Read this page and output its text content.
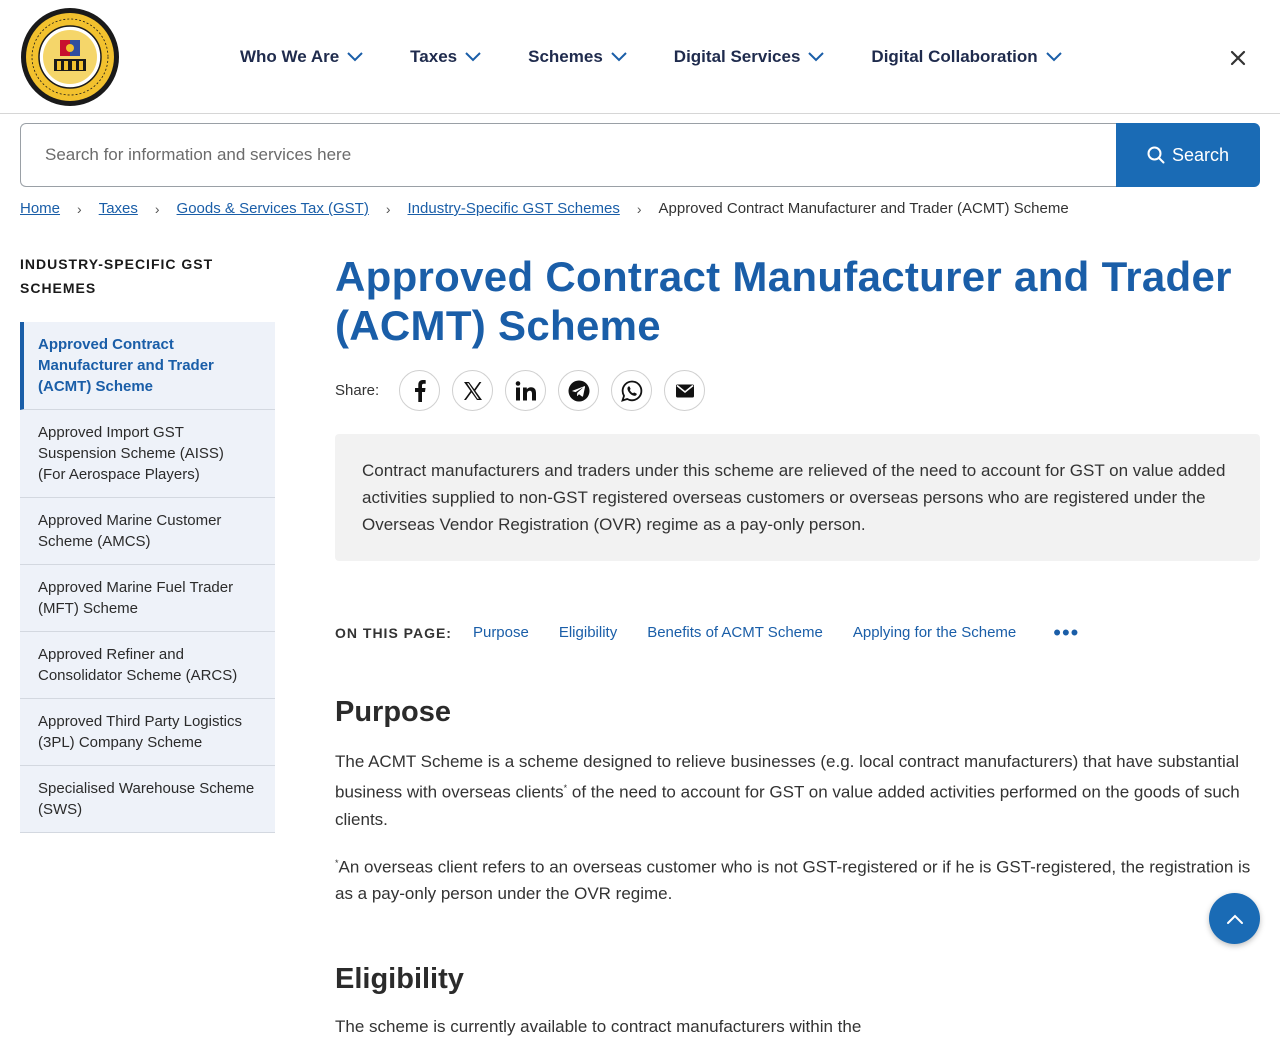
Who We Are	Taxes	Schemes	Digital Services	Digital Collaboration
Search for information and services here
Search
Home › Taxes › Goods & Services Tax (GST) › Industry-Specific GST Schemes › Approved Contract Manufacturer and Trader (ACMT) Scheme
INDUSTRY-SPECIFIC GST SCHEMES
Approved Contract Manufacturer and Trader (ACMT) Scheme
Approved Import GST Suspension Scheme (AISS) (For Aerospace Players)
Approved Marine Customer Scheme (AMCS)
Approved Marine Fuel Trader (MFT) Scheme
Approved Refiner and Consolidator Scheme (ARCS)
Approved Third Party Logistics (3PL) Company Scheme
Specialised Warehouse Scheme (SWS)
Approved Contract Manufacturer and Trader (ACMT) Scheme
Share:

Contract manufacturers and traders under this scheme are relieved of the need to account for GST on value added activities supplied to non-GST registered overseas customers or overseas persons who are registered under the Overseas Vendor Registration (OVR) regime as a pay-only person.

ON THIS PAGE: Purpose Eligibility Benefits of ACMT Scheme Applying for the Scheme •••
Purpose

The ACMT Scheme is a scheme designed to relieve businesses (e.g. local contract manufacturers) that have substantial business with overseas clients* of the need to account for GST on value added activities performed on the goods of such clients.

*An overseas client refers to an overseas customer who is not GST-registered or if he is GST-registered, the registration is as a pay-only person under the OVR regime.

Eligibility

The scheme is currently available to contract manufacturers within the
